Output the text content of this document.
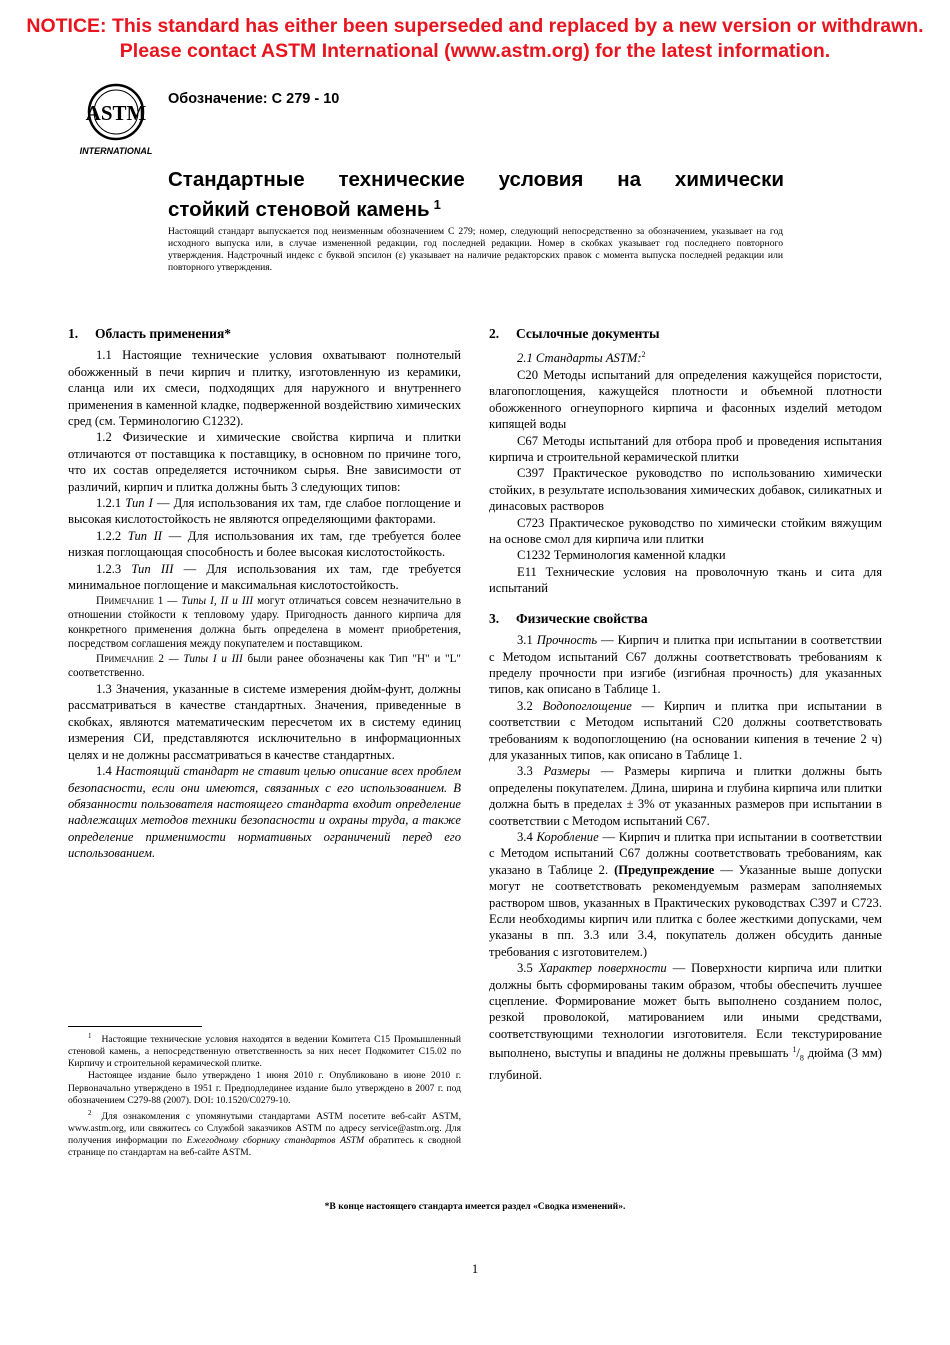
NOTICE: This standard has either been superseded and replaced by a new version or withdrawn.
Please contact ASTM International (www.astm.org) for the latest information.
ASTM
INTERNATIONAL
Обозначение: C 279 - 10
Стандартные технические условия на химически
стойкий стеновой камень $^1$
Настоящий стандарт выпускается под неизменным обозначением C 279; номер, следующий непосредственно за обозначением, указывает на год исходного выпуска или, в случае измененной редакции, год последней редакции. Номер в скобках указывает год последнего повторного утверждения. Надстрочный индекс с буквой эпсилон (ε) указывает на наличие редакторских правок с момента выпуска последней редакции или повторного утверждения.
1. Область применения*

1.1 Настоящие технические условия охватывают полнотелый обожженный в печи кирпич и плитку, изготовленную из керамики, сланца или их смеси, подходящих для наружного и внутреннего применения в каменной кладке, подверженной воздействию химических сред (см. Терминологию C1232).

1.2 Физические и химические свойства кирпича и плитки отличаются от поставщика к поставщику, в основном по причине того, что их состав определяется источником сырья. Вне зависимости от различий, кирпич и плитка должны быть 3 следующих типов:

1.2.1 Тип I — Для использования их там, где слабое поглощение и высокая кислотостойкость не являются определяющими факторами.

1.2.2 Тип II — Для использования их там, где требуется более низкая поглощающая способность и более высокая кислотостойкость.

1.2.3 Тип III — Для использования их там, где требуется минимальное поглощение и максимальная кислотостойкость.

Примечание 1 — Типы I, II и III могут отличаться совсем незначительно в отношении стойкости к тепловому удару. Пригодность данного кирпича для конкретного применения должна быть определена в момент приобретения, посредством соглашения между покупателем и поставщиком.

Примечание 2 — Типы I и III были ранее обозначены как Тип "H" и "L" соответственно.

1.3 Значения, указанные в системе измерения дюйм-фунт, должны рассматриваться в качестве стандартных. Значения, приведенные в скобках, являются математическим пересчетом их в систему единиц измерения СИ, представляются исключительно в информационных целях и не должны рассматриваться в качестве стандартных.

1.4 Настоящий стандарт не ставит целью описание всех проблем безопасности, если они имеются, связанных с его использованием. В обязанности пользователя настоящего стандарта входит определение надлежащих методов техники безопасности и охраны труда, а также определение применимости нормативных ограничений перед его использованием.

2. Ссылочные документы

2.1 Стандарты ASTM:$^2$

C20 Методы испытаний для определения кажущейся пористости, влагопоглощения, кажущейся плотности и объемной плотности обожженного огнеупорного кирпича и фасонных изделий методом кипящей воды

C67 Методы испытаний для отбора проб и проведения испытания кирпича и строительной керамической плитки

C397 Практическое руководство по использованию химически стойких, в результате использования химических добавок, силикатных и динасовых растворов

C723 Практическое руководство по химически стойким вяжущим на основе смол для кирпича или плитки

C1232 Терминология каменной кладки

E11 Технические условия на проволочную ткань и сита для испытаний

3. Физические свойства

3.1 Прочность — Кирпич и плитка при испытании в соответствии с Методом испытаний C67 должны соответствовать требованиям к пределу прочности при изгибе (изгибная прочность) для указанных типов, как описано в Таблице 1.

3.2 Водопоглощение — Кирпич и плитка при испытании в соответствии с Методом испытаний C20 должны соответствовать требованиям к водопоглощению (на основании кипения в течение 2 ч) для указанных типов, как описано в Таблице 1.

3.3 Размеры — Размеры кирпича и плитки должны быть определены покупателем. Длина, ширина и глубина кирпича или плитки должна быть в пределах ± 3% от указанных размеров при испытании в соответствии с Методом испытаний C67.

3.4 Коробление — Кирпич и плитка при испытании в соответствии с Методом испытаний C67 должны соответствовать требованиям, как указано в Таблице 2. (Предупреждение — Указанные выше допуски могут не соответствовать рекомендуемым размерам заполняемых раствором швов, указанных в Практических руководствах C397 и C723. Если необходимы кирпич или плитка с более жесткими допусками, чем указаны в пп. 3.3 или 3.4, покупатель должен обсудить данные требования с изготовителем.)

3.5 Характер поверхности — Поверхности кирпича или плитки должны быть сформированы таким образом, чтобы обеспечить лучшее сцепление. Формирование может быть выполнено созданием полос, резкой проволокой, матированием или иными средствами, соответствующими технологии изготовителя. Если текстурирование выполнено, выступы и впадины не должны превышать $^1/_8$ дюйма (3 мм) глубиной.

$^1$ Настоящие технические условия находятся в ведении Комитета C15 Промышленный стеновой камень, а непосредственную ответственность за них несет Подкомитет C15.02 по Кирпичу и строительной керамической плитке.

Настоящее издание было утверждено 1 июня 2010 г. Опубликовано в июне 2010 г. Первоначально утверждено в 1951 г. Предподлединее издание было утверждено в 2007 г. под обозначением C279-88 (2007). DOI: 10.1520/C0279-10.

$^2$ Для ознакомления с упомянутыми стандартами ASTM посетите веб-сайт ASTM, www.astm.org, или свяжитесь со Службой заказчиков ASTM по адресу service@astm.org. Для получения информации по Ежегодному сборнику стандартов ASTM обратитесь к сводной странице по стандартам на веб-сайте ASTM.

*В конце настоящего стандарта имеется раздел «Сводка изменений».
1
